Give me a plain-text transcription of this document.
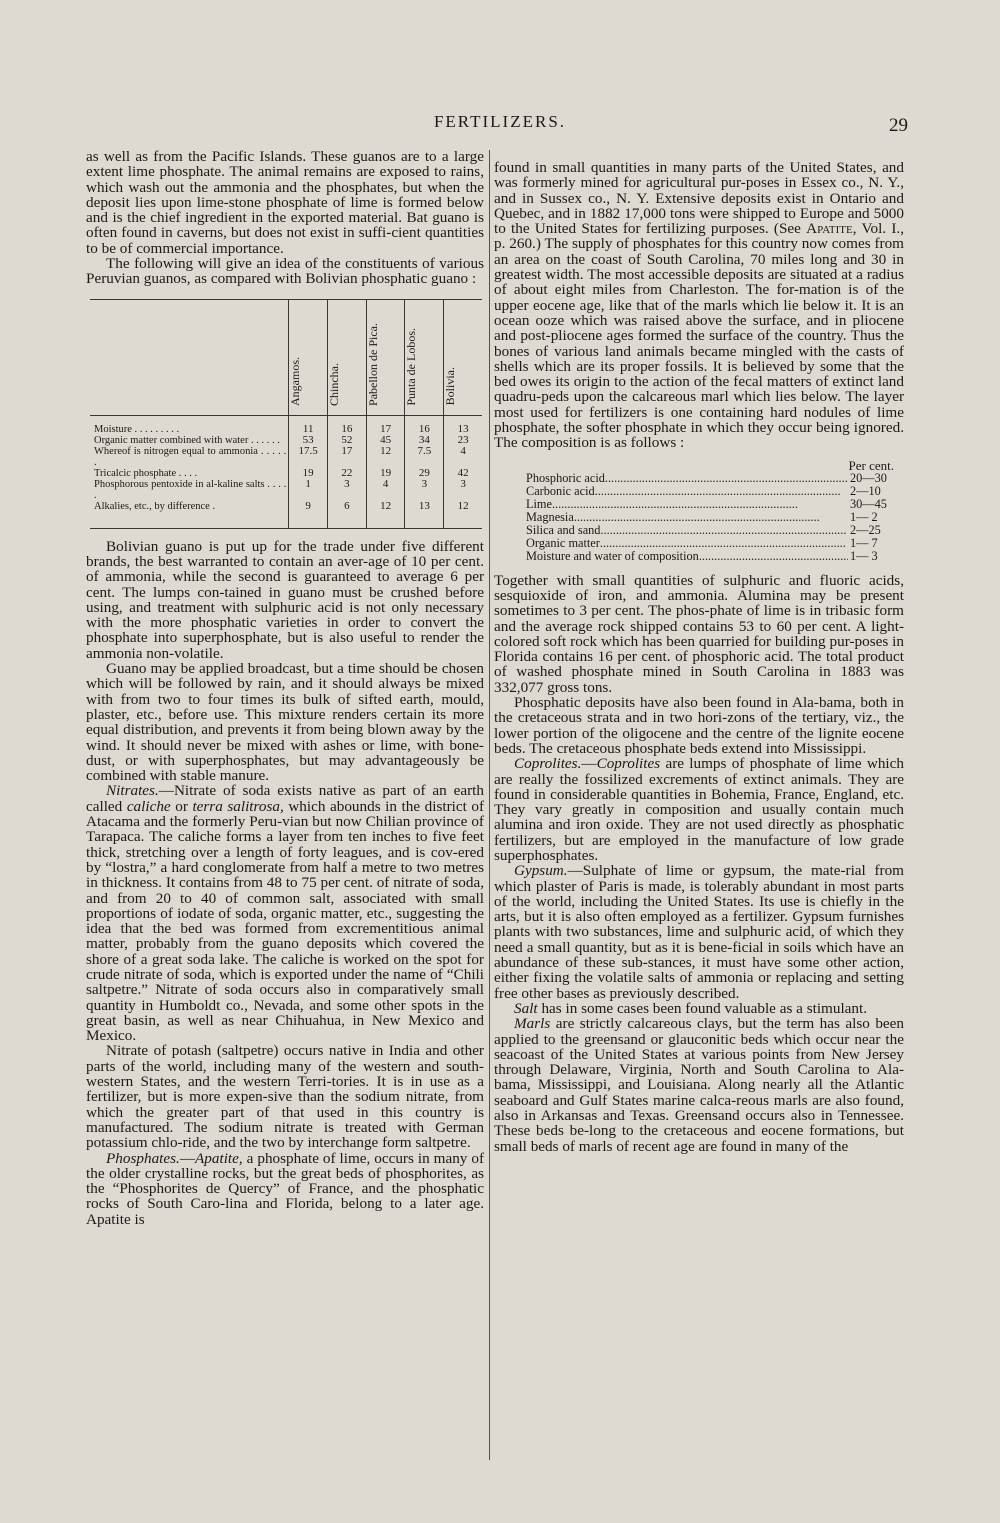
FERTILIZERS.	29

as well as from the Pacific Islands. These guanos are to a large extent lime phosphate. The animal remains are exposed to rains, which wash out the ammonia and the phosphates, but when the deposit lies upon lime-stone phosphate of lime is formed below and is the chief ingredient in the exported material. Bat guano is often found in caverns, but does not exist in suffi-cient quantities to be of commercial importance.

The following will give an idea of the constituents of various Peruvian guanos, as compared with Bolivian phosphatic guano :

	Angamos.	Chincha.	Pabellon de Pica.	Punta de Lobos.	Bolivia.
Moisture . . . . . . . . .	11	16	17	16	13
Organic matter combined with water . . . . . .	53	52	45	34	23
Whereof is nitrogen equal to ammonia . . . . . .	17.5	17	12	7.5	4
Tricalcic phosphate . . . .	19	22	19	29	42
Phosphorous pentoxide in al-kaline salts . . . . .	1	3	4	3	3
Alkalies, etc., by difference .	9	6	12	13	12

Bolivian guano is put up for the trade under five different brands, the best warranted to contain an aver-age of 10 per cent. of ammonia, while the second is guaranteed to average 6 per cent. The lumps con-tained in guano must be crushed before using, and treatment with sulphuric acid is not only necessary with the more phosphatic varieties in order to convert the phosphate into superphosphate, but is also useful to render the ammonia non-volatile.

Guano may be applied broadcast, but a time should be chosen which will be followed by rain, and it should always be mixed with from two to four times its bulk of sifted earth, mould, plaster, etc., before use. This mixture renders certain its more equal distribution, and prevents it from being blown away by the wind. It should never be mixed with ashes or lime, with bone-dust, or with superphosphates, but may advantageously be combined with stable manure.

Nitrates.—Nitrate of soda exists native as part of an earth called caliche or terra salitrosa, which abounds in the district of Atacama and the formerly Peru-vian but now Chilian province of Tarapaca. The caliche forms a layer from ten inches to five feet thick, stretching over a length of forty leagues, and is cov-ered by “lostra,” a hard conglomerate from half a metre to two metres in thickness. It contains from 48 to 75 per cent. of nitrate of soda, and from 20 to 40 of common salt, associated with small proportions of iodate of soda, organic matter, etc., suggesting the idea that the bed was formed from excrementitious animal matter, probably from the guano deposits which covered the shore of a great soda lake. The caliche is worked on the spot for crude nitrate of soda, which is exported under the name of “Chili saltpetre.” Nitrate of soda occurs also in comparatively small quantity in Humboldt co., Nevada, and some other spots in the great basin, as well as near Chihuahua, in New Mexico and Mexico.

Nitrate of potash (saltpetre) occurs native in India and other parts of the world, including many of the western and south-western States, and the western Terri-tories. It is in use as a fertilizer, but is more expen-sive than the sodium nitrate, from which the greater part of that used in this country is manufactured. The sodium nitrate is treated with German potassium chlo-ride, and the two by interchange form saltpetre.

Phosphates.—Apatite, a phosphate of lime, occurs in many of the older crystalline rocks, but the great beds of phosphorites, as the “Phosphorites de Quercy” of France, and the phosphatic rocks of South Caro-lina and Florida, belong to a later age. Apatite is

found in small quantities in many parts of the United States, and was formerly mined for agricultural pur-poses in Essex co., N. Y., and in Sussex co., N. Y. Extensive deposits exist in Ontario and Quebec, and in 1882 17,000 tons were shipped to Europe and 5000 to the United States for fertilizing purposes. (See Apatite, Vol. I., p. 260.) The supply of phosphates for this country now comes from an area on the coast of South Carolina, 70 miles long and 30 in greatest width. The most accessible deposits are situated at a radius of about eight miles from Charleston. The for-mation is of the upper eocene age, like that of the marls which lie below it. It is an ocean ooze which was raised above the surface, and in pliocene and post-pliocene ages formed the surface of the country. Thus the bones of various land animals became mingled with the casts of shells which are its proper fossils. It is believed by some that the bed owes its origin to the action of the fecal matters of extinct land quadru-peds upon the calcareous marl which lies below. The layer most used for fertilizers is one containing hard nodules of lime phosphate, the softer phosphate in which they occur being ignored. The composition is as follows :

Per cent.
Phosphoric acid .....	20—30
Carbonic acid .....	2—10
Lime .....	30—45
Magnesia .....	1— 2
Silica and sand .....	2—25
Organic matter .....	1— 7
Moisture and water of composition .....	1— 3

Together with small quantities of sulphuric and fluoric acids, sesquioxide of iron, and ammonia. Alumina may be present sometimes to 3 per cent. The phos-phate of lime is in tribasic form and the average rock shipped contains 53 to 60 per cent. A light-colored soft rock which has been quarried for building pur-poses in Florida contains 16 per cent. of phosphoric acid. The total product of washed phosphate mined in South Carolina in 1883 was 332,077 gross tons.

Phosphatic deposits have also been found in Ala-bama, both in the cretaceous strata and in two hori-zons of the tertiary, viz., the lower portion of the oligocene and the centre of the lignite eocene beds. The cretaceous phosphate beds extend into Mississippi.

Coprolites.—Coprolites are lumps of phosphate of lime which are really the fossilized excrements of extinct animals. They are found in considerable quantities in Bohemia, France, England, etc. They vary greatly in composition and usually contain much alumina and iron oxide. They are not used directly as phosphatic fertilizers, but are employed in the manufacture of low grade superphosphates.

Gypsum.—Sulphate of lime or gypsum, the mate-rial from which plaster of Paris is made, is tolerably abundant in most parts of the world, including the United States. Its use is chiefly in the arts, but it is also often employed as a fertilizer. Gypsum furnishes plants with two substances, lime and sulphuric acid, of which they need a small quantity, but as it is bene-ficial in soils which have an abundance of these sub-stances, it must have some other action, either fixing the volatile salts of ammonia or replacing and setting free other bases as previously described.

Salt has in some cases been found valuable as a stimulant.

Marls are strictly calcareous clays, but the term has also been applied to the greensand or glauconitic beds which occur near the seacoast of the United States at various points from New Jersey through Delaware, Virginia, North and South Carolina to Ala-bama, Mississippi, and Louisiana. Along nearly all the Atlantic seaboard and Gulf States marine calca-reous marls are also found, also in Arkansas and Texas. Greensand occurs also in Tennessee. These beds be-long to the cretaceous and eocene formations, but small beds of marls of recent age are found in many of the
